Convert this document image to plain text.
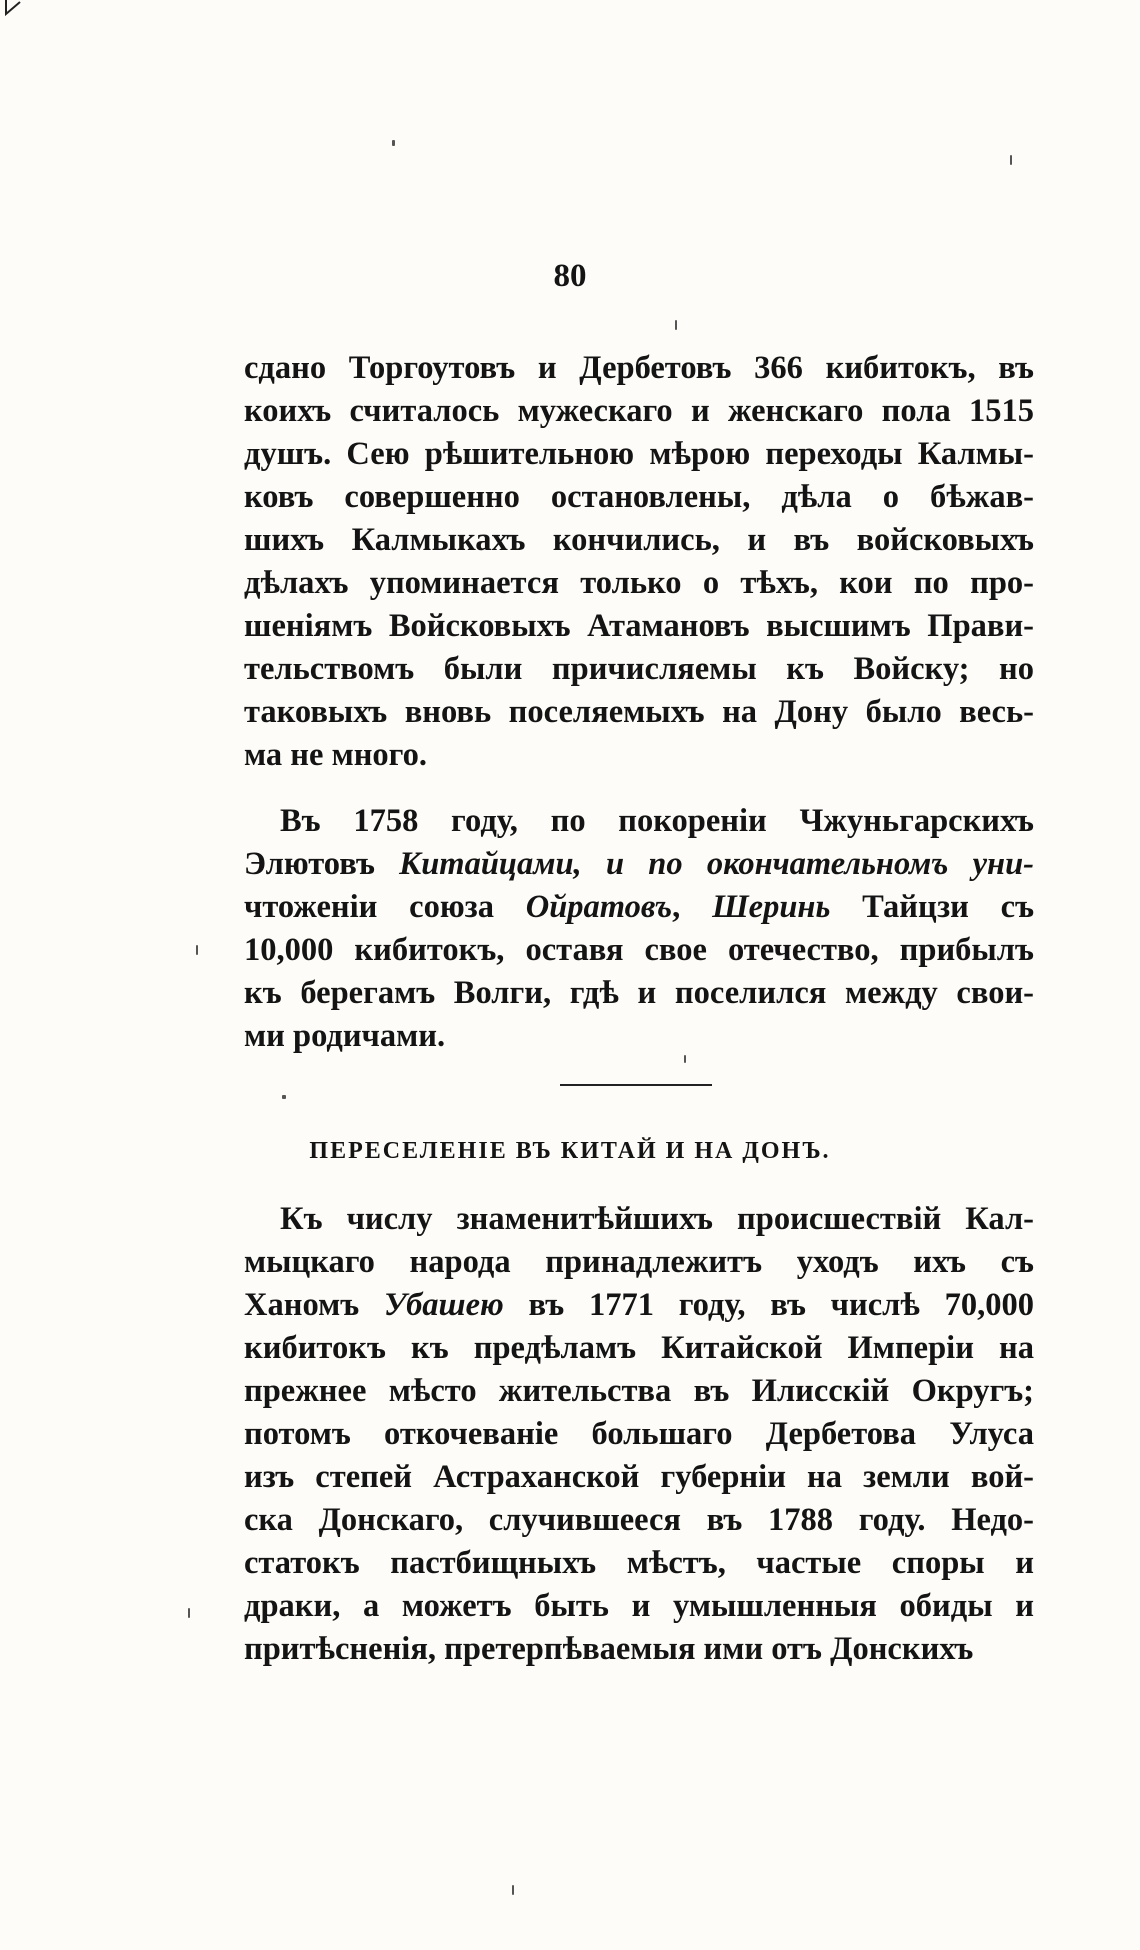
80
сдано Торгоутовъ и Дербетовъ 366 кибитокъ, въ
коихъ считалось мужескаго и женскаго пола 1515
душъ. Сею рѣшительною мѣрою переходы Калмы-
ковъ совершенно остановлены, дѣла о бѣжав-
шихъ Калмыкахъ кончились, и въ войсковыхъ
дѣлахъ упоминается только о тѣхъ, кои по про-
шеніямъ Войсковыхъ Атамановъ высшимъ Прави-
тельствомъ были причисляемы къ Войску; но
таковыхъ вновь поселяемыхъ на Дону было весь-
ма не много.
Въ 1758 году, по покореніи Чжуньгарскихъ
Элютовъ Китайцами, и по окончательномъ уни-
чтоженіи союза Ойратовъ, Шеринь Тайцзи съ
10,000 кибитокъ, оставя свое отечество, прибылъ
къ берегамъ Волги, гдѣ и поселился между свои-
ми родичами.
ПЕРЕСЕЛЕНІЕ ВЪ КИТАЙ И НА ДОНЪ.
Къ числу знаменитѣйшихъ происшествій Кал-
мыцкаго народа принадлежитъ уходъ ихъ съ
Ханомъ Убашею въ 1771 году, въ числѣ 70,000
кибитокъ къ предѣламъ Китайской Имперіи на
прежнее мѣсто жительства въ Илисскій Округъ;
потомъ откочеваніе большаго Дербетова Улуса
изъ степей Астраханской губерніи на земли вой-
ска Донскаго, случившееся въ 1788 году. Недо-
статокъ пастбищныхъ мѣстъ, частые споры и
драки, а можетъ быть и умышленныя обиды и
притѣсненія, претерпѣваемыя ими отъ Донскихъ
